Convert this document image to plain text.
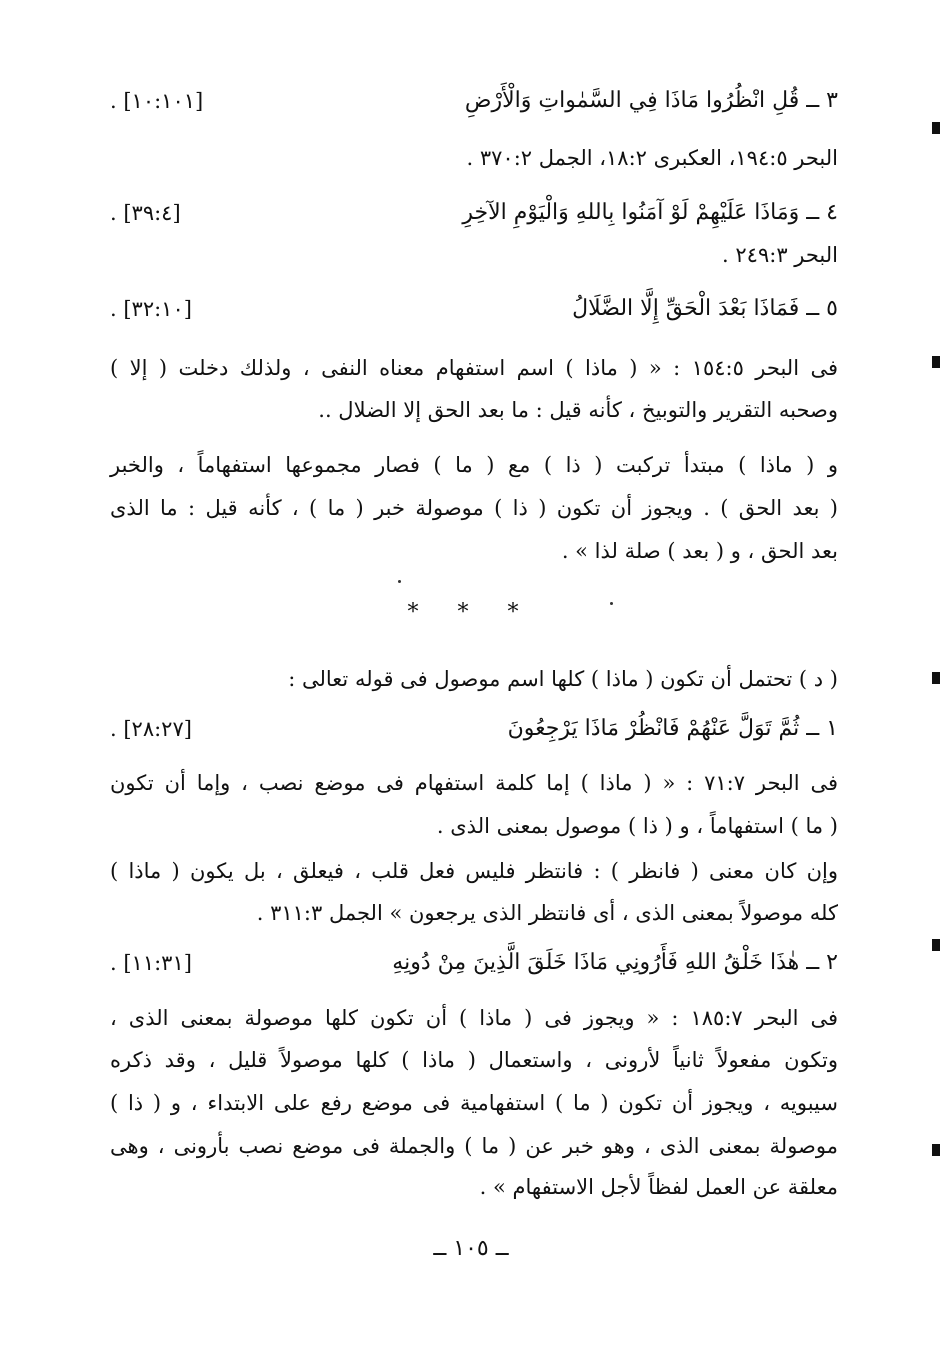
٣ ــ قُلِ انْظُرُوا مَاذَا فِي السَّمٰواتِ وَالْأَرْضِ
. [١٠:١٠١]
البحر ١٩٤:٥، العكبرى ١٨:٢، الجمل ٣٧٠:٢ .
٤ ــ وَمَاذَا عَلَيْهِمْ لَوْ آمَنُوا بِاللهِ وَالْيَوْمِ الآخِرِ
. [٣٩:٤]
البحر ٢٤٩:٣ .
٥ ــ فَمَاذَا بَعْدَ الْحَقِّ إِلَّا الضَّلَالُ
. [٣٢:١٠]
فى البحر ١٥٤:٥ : « ( ماذا ) اسم استفهام معناه النفى ، ولذلك دخلت ( إلا )
وصحبه التقرير والتوبيخ ، كأنه قيل : ما بعد الحق إلا الضلال ..
و ( ماذا ) مبتدأ تركبت ( ذا ) مع ( ما ) فصار مجموعها استفهاماً ، والخبر
( بعد الحق ) . ويجوز أن تكون ( ذا ) موصولة خبر ( ما ) ، كأنه قيل : ما الذى
بعد الحق ، و ( بعد ) صلة لذا » .
* * *
( د ) تحتمل أن تكون ( ماذا ) كلها اسم موصول فى قوله تعالى :
١ ــ ثُمَّ تَوَلَّ عَنْهُمْ فَانْظُرْ مَاذَا يَرْجِعُونَ
. [٢٨:٢٧]
فى البحر ٧١:٧ : « ( ماذا ) إما كلمة استفهام فى موضع نصب ، وإما أن تكون
( ما ) استفهاماً ، و ( ذا ) موصول بمعنى الذى .
وإن كان معنى ( فانظر ) : فانتظر فليس فعل قلب ، فيعلق ، بل يكون ( ماذا )
كله موصولاً بمعنى الذى ، أى فانتظر الذى يرجعون » الجمل ٣١١:٣ .
٢ ــ هٰذَا خَلْقُ اللهِ فَأَرُونِي مَاذَا خَلَقَ الَّذِينَ مِنْ دُونِهِ
. [١١:٣١]
فى البحر ١٨٥:٧ : « ويجوز فى ( ماذا ) أن تكون كلها موصولة بمعنى الذى ،
وتكون مفعولاً ثانياً لأرونى ، واستعمال ( ماذا ) كلها موصولاً قليل ، وقد ذكره
سيبويه ، ويجوز أن تكون ( ما ) استفهامية فى موضع رفع على الابتداء ، و ( ذا )
موصولة بمعنى الذى ، وهو خبر عن ( ما ) والجملة فى موضع نصب بأرونى ، وهى
معلقة عن العمل لفظاً لأجل الاستفهام » .
ــ ١٠٥ ــ
